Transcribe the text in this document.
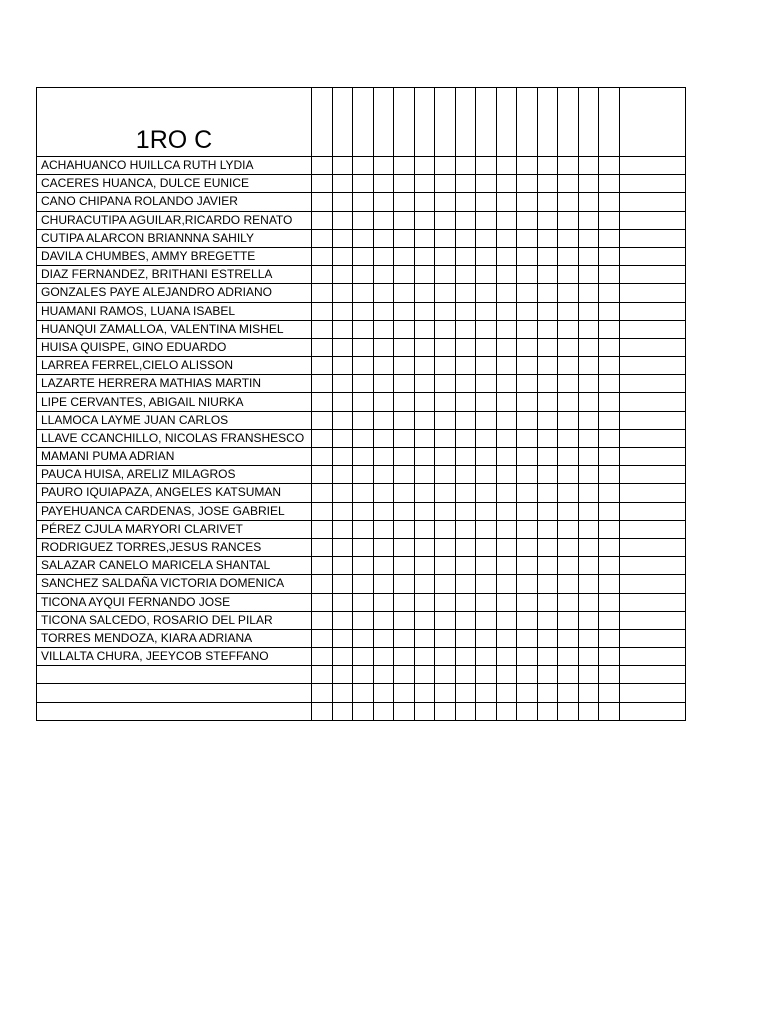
1RO C																
ACHAHUANCO HUILLCA RUTH LYDIA																
CACERES HUANCA, DULCE EUNICE																
CANO CHIPANA ROLANDO JAVIER																
CHURACUTIPA AGUILAR,RICARDO RENATO																
CUTIPA ALARCON BRIANNNA SAHILY																
DAVILA CHUMBES, AMMY BREGETTE																
DIAZ FERNANDEZ, BRITHANI ESTRELLA																
GONZALES PAYE ALEJANDRO ADRIANO																
HUAMANI RAMOS, LUANA ISABEL																
HUANQUI ZAMALLOA, VALENTINA MISHEL																
HUISA QUISPE, GINO EDUARDO																
LARREA FERREL,CIELO ALISSON																
LAZARTE HERRERA MATHIAS MARTIN																
LIPE CERVANTES, ABIGAIL NIURKA																
LLAMOCA LAYME JUAN CARLOS																
LLAVE CCANCHILLO, NICOLAS FRANSHESCO																
MAMANI PUMA ADRIAN																
PAUCA HUISA, ARELIZ MILAGROS																
PAURO IQUIAPAZA, ANGELES KATSUMAN																
PAYEHUANCA CARDENAS, JOSE GABRIEL																
PÉREZ CJULA MARYORI CLARIVET																
RODRIGUEZ TORRES,JESUS RANCES																
SALAZAR CANELO MARICELA SHANTAL																
SANCHEZ SALDAÑA VICTORIA DOMENICA																
TICONA AYQUI FERNANDO JOSE																
TICONA SALCEDO, ROSARIO DEL PILAR																
TORRES MENDOZA, KIARA ADRIANA																
VILLALTA CHURA, JEEYCOB STEFFANO																
